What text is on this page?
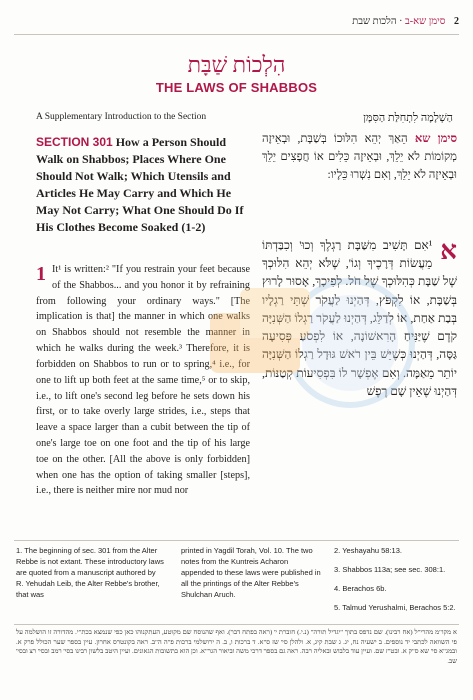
2 סימן שא-ב · הלכות שבת
הִלְכוֹת שַׁבָּת
THE LAWS OF SHABBOS
A Supplementary Introduction to the Section	הַשְׁלָמָה לִתְחִלַּת הַסִּמָּן
SECTION 301 How a Person Should Walk on Shabbos; Places Where One Should Not Walk; Which Utensils and Articles He May Carry and Which He May Not Carry; What One Should Do If His Clothes Become Soaked (1-2)
1 It¹ is written:² "If you restrain your feet because of the Shabbos... and you honor it by refraining from following your ordinary ways." [The implication is that] the manner in which one walks on Shabbos should not resemble the manner in which he walks during the week.³ Therefore, it is forbidden on Shabbos to run or to spring,⁴ i.e., for one to lift up both feet at the same time,⁵ or to skip, i.e., to lift one's second leg before he sets down his first, or to take overly large strides, i.e., steps that leave a space larger than a cubit between the tip of one's large toe on one foot and the tip of his large toe on the other. [All the above is only forbidden] when one has the option of taking smaller [steps], i.e., there is neither mire nor mud nor
סימן שא הֵאַךְ יְהֵא הִלּוּכוֹ בְּשַׁבָּת, וּבְאֵיזֶה מְקוֹמוֹת לֹא יֵלֵךְ, וּבְאֵיזֶה כֵּלִים אוֹ חֲפָצִים יֵלֵךְ וּבְאֵיזֶה לֹא יֵלֵךְ, וְאִם נִשְׁרוּ כֵּלָיו:
א
¹אִם תָּשִׁיב מִשַּׁבָּת רַגְלֶךָ וְכוּ' וְכִבַּדְתּוֹ מֵעֲשׂוֹת דְּרָכֶיךָ וְגוֹ', שֶׁלֹּא יְהֵא הִלּוּכְךָ שֶׁל שַׁבָּת כְּהִלּוּכְךָ שֶׁל חֹל. לְפִיכָךְ, אָסוּר לָרוּץ בְּשַׁבָּת, אוֹ לִקְפֹּץ, דְּהַיְנוּ לַעֲקֹר שְׁתֵּי רַגְלָיו בְּבַת אַחַת, אוֹ לְדַלֵּג, דְּהַיְנוּ לַעֲקֹר רַגְלוֹ הַשְּׁנִיָּה קֹדֶם שֶׁיַּנִּיחַ הָרִאשׁוֹנָה, אוֹ לִפְסֹעַ פְּסִיעָה גַּסָּה, דְּהַיְנוּ כְּשֶׁיֵּשׁ בֵּין רֹאשׁ גּוּדָל רַגְלוֹ הַשְּׁנִיָּה יוֹתֵר מֵאַמָּה. וְאִם אֶפְשָׁר לוֹ בִּפְסִיעוֹת קְטַנּוֹת, דְּהַיְנוּ שֶׁאֵין שָׁם רֶפֶשׁ
1. The beginning of sec. 301 from the Alter Rebbe is not extant. These introductory laws are quoted from a manuscript authored by R. Yehudah Leib, the Alter Rebbe's brother, that was
printed in Yagdil Torah, Vol. 10. The two notes from the Kuntreis Acharon appended to these laws were published in all the printings of the Alter Rebbe's Shulchan Aruch.
2. Yeshayahu 58:13.
3. Shabbos 113a; see sec. 308:1.
4. Berachos 6b.
5. Talmud Yerushalmi, Berachos 5:2.
א מקו"מ מהרי"ל (אח רבינו). שם נדפס בתוך "יגדיל תורה" (נ.י.) חוברת י' (ראה בפתח דבר). ואף שהנוסח שם מקוטע, העתקנוהו כאן כפי שנמצא בכת"י. מהדורה זו הושלמה על פי השוואה לכתבי יד נוספים. ב ישעיה נח, יג. ג שבת קיג, א. ולהלן סי' שז ס"א. ד ברכות ו, ב. ה ירושלמי ברכות פ"ה ה"ב. ראה בקונטרס אחרון. עיין בספר שער הכולל פרק א. ובמג"א סי' שא ס"ק א. ובט"ז שם. ועיין עוד בלבוש ובאליה רבה. ראה גם בספר דרכי משה וביאור הגר"א. וכן הוא בתשובות הגאונים. ועיין היטב בלשון רבינו בסי' רמב ובסי' רצ ובסי' שב.
